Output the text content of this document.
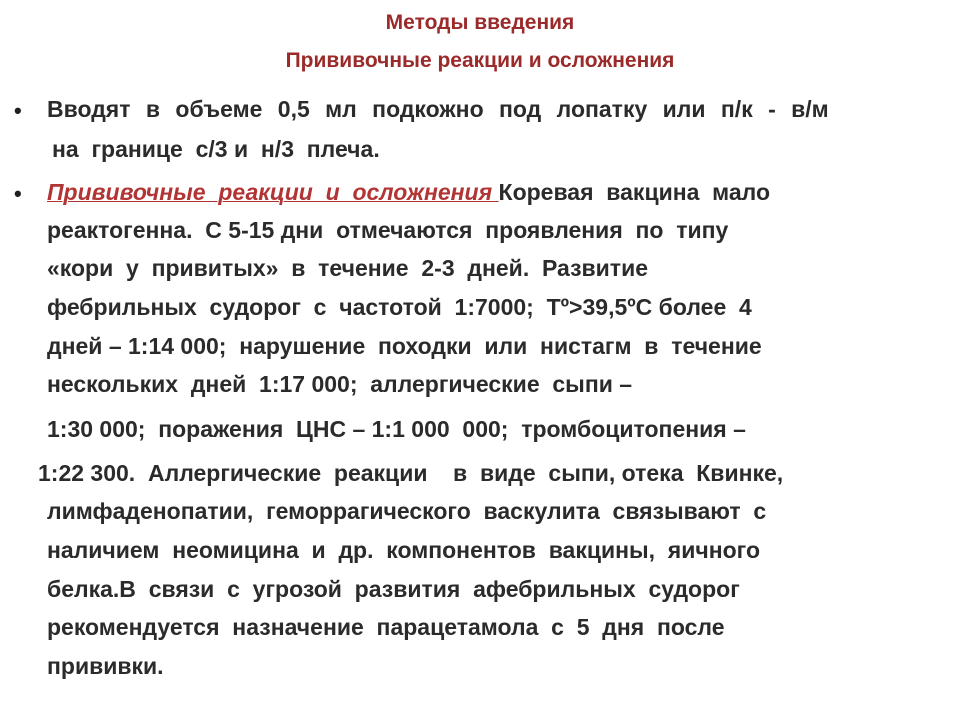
Методы введения
Прививочные реакции и осложнения
• Вводят в объеме 0,5 мл подкожно под лопатку или п/к - в/м
на  границе  с/3 и  н/3  плеча.
• Прививочные  реакции  и  осложнения Коревая  вакцина  мало
реактогенна.  С 5-15 дни  отмечаются  проявления  по  типу
«кори  у  привитых»  в  течение  2-3  дней.  Развитие
фебрильных  судорог  с  частотой  1:7000;  Тº>39,5ºС более  4
дней – 1:14 000;  нарушение  походки  или  нистагм  в  течение
нескольких  дней  1:17 000;  аллергические  сыпи –
1:30 000;  поражения  ЦНС – 1:1 000  000;  тромбоцитопения –
1:22 300.  Аллергические  реакции    в  виде  сыпи, отека  Квинке,
лимфаденопатии,  геморрагического  васкулита  связывают  с
наличием  неомицина  и  др.  компонентов  вакцины,  яичного
белка.В  связи  с  угрозой  развития  афебрильных  судорог
рекомендуется  назначение  парацетамола  с  5  дня  после
прививки.
